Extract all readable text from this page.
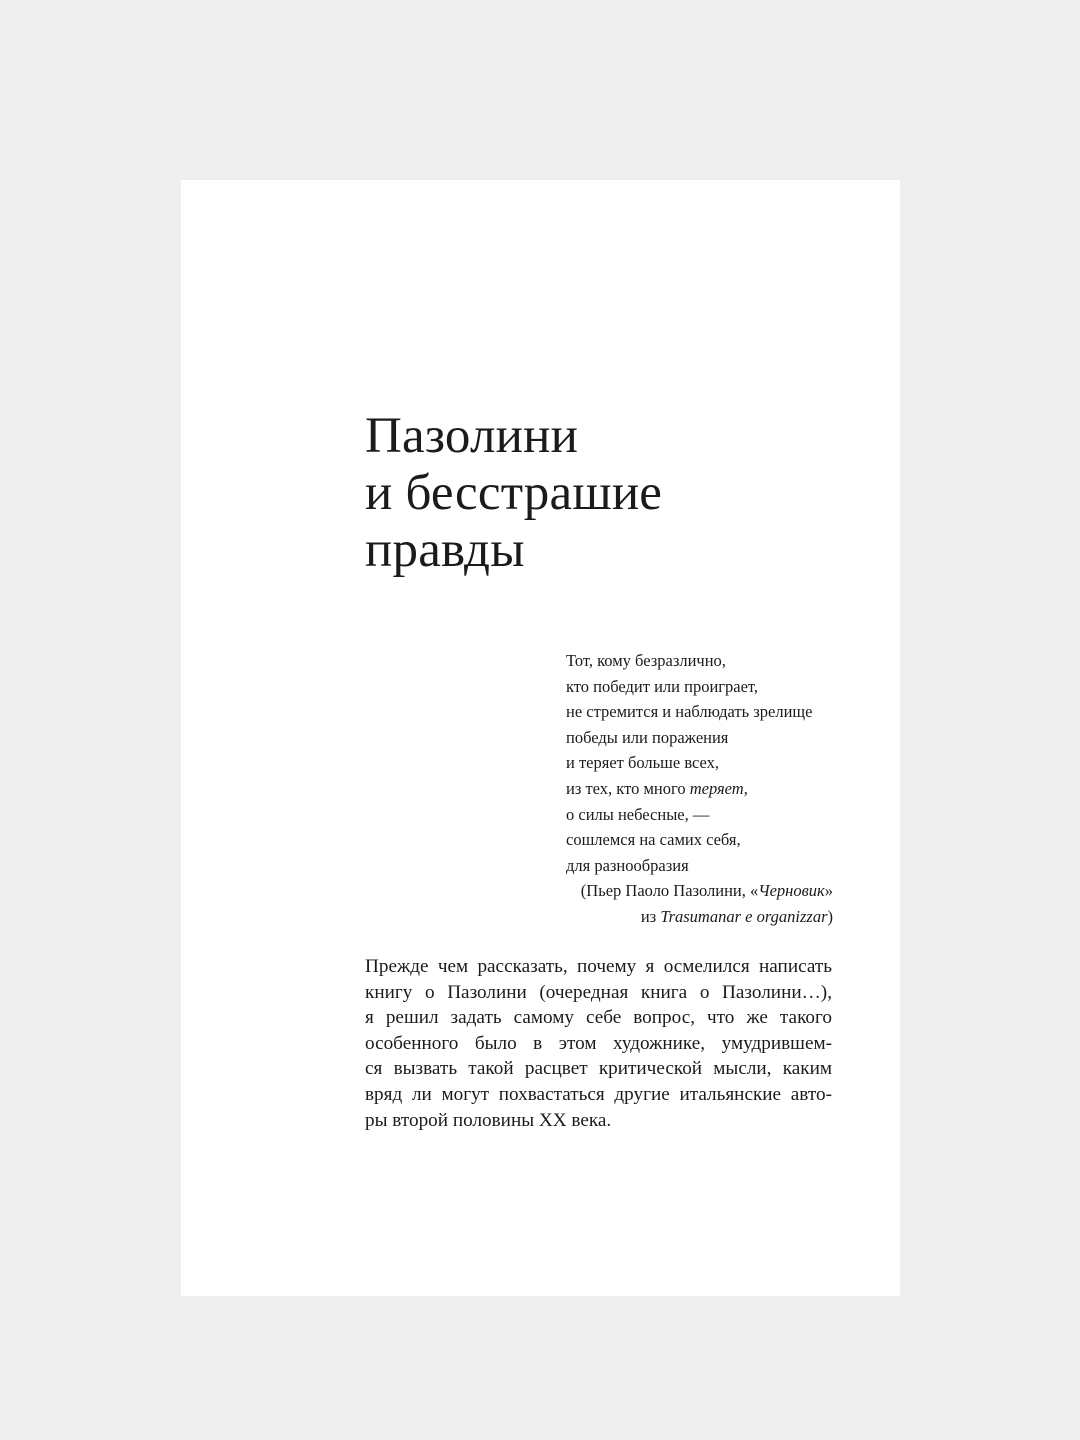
Пазолини
и бесстрашие
правды
Тот, кому безразлично,
кто победит или проиграет,
не стремится и наблюдать зрелище
победы или поражения
и теряет больше всех,
из тех, кто много теряет,
о силы небесные, —
сошлемся на самих себя,
для разнообразия
(Пьер Паоло Пазолини, «Черновик»
из Trasumanar e organizzar)
Прежде чем рассказать, почему я осмелился написать
книгу о Пазолини (очередная книга о Пазолини…),
я решил задать самому себе вопрос, что же такого
особенного было в этом художнике, умудрившем-
ся вызвать такой расцвет критической мысли, каким
вряд ли могут похвастаться другие итальянские авто-
ры второй половины XX века.
